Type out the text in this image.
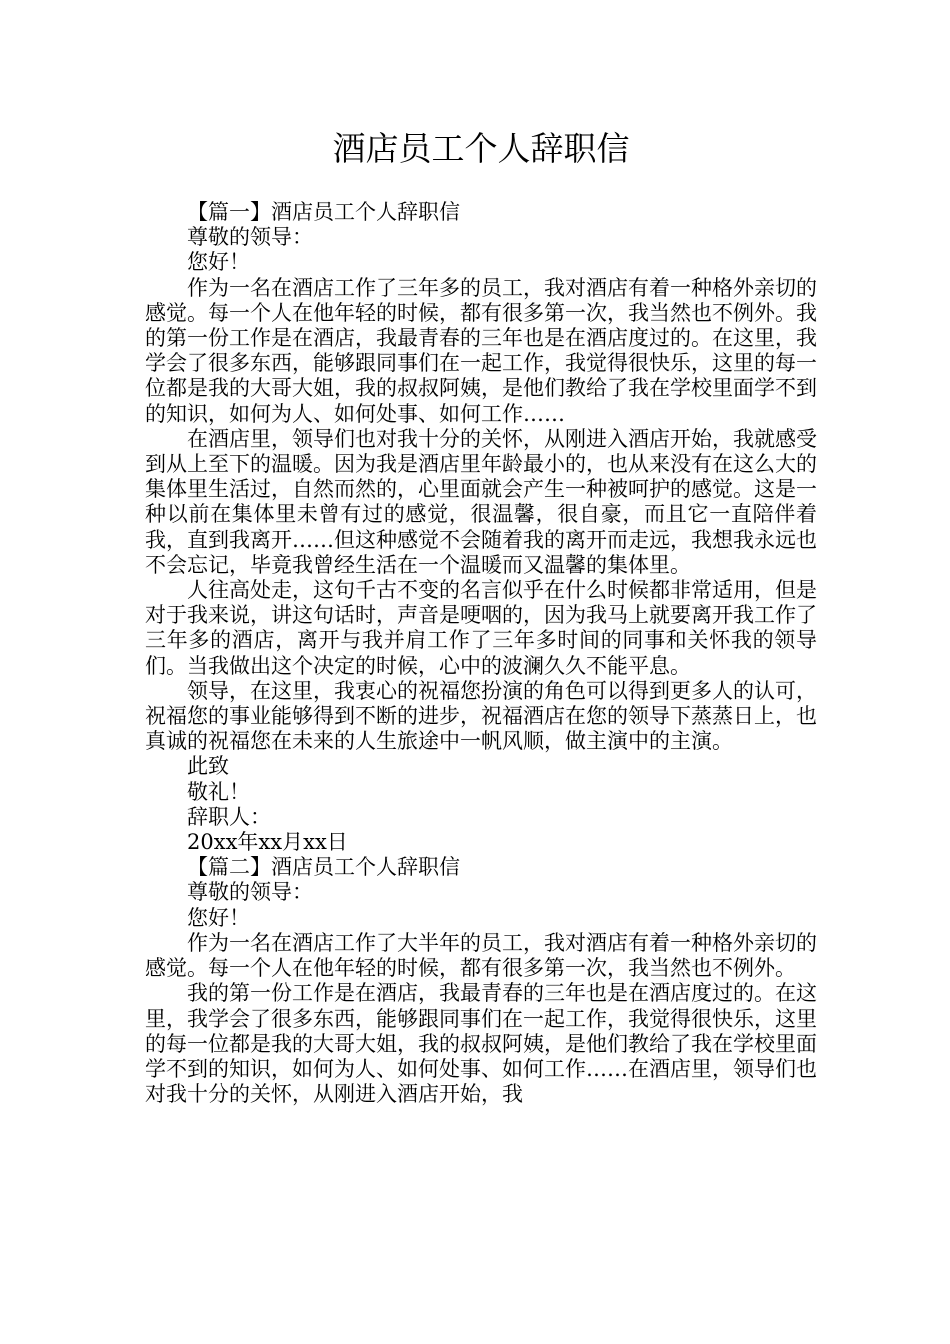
酒店员工个人辞职信

【篇一】酒店员工个人辞职信

尊敬的领导：

您好！

作为一名在酒店工作了三年多的员工，我对酒店有着一种格外亲切的感觉。每一个人在他年轻的时候，都有很多第一次，我当然也不例外。我的第一份工作是在酒店，我最青春的三年也是在酒店度过的。在这里，我学会了很多东西，能够跟同事们在一起工作，我觉得很快乐，这里的每一位都是我的大哥大姐，我的叔叔阿姨，是他们教给了我在学校里面学不到的知识，如何为人、如何处事、如何工作……

在酒店里，领导们也对我十分的关怀，从刚进入酒店开始，我就感受到从上至下的温暖。因为我是酒店里年龄最小的，也从来没有在这么大的集体里生活过，自然而然的，心里面就会产生一种被呵护的感觉。这是一种以前在集体里未曾有过的感觉，很温馨，很自豪，而且它一直陪伴着我，直到我离开……但这种感觉不会随着我的离开而走远，我想我永远也不会忘记，毕竟我曾经生活在一个温暖而又温馨的集体里。

人往高处走，这句千古不变的名言似乎在什么时候都非常适用，但是对于我来说，讲这句话时，声音是哽咽的，因为我马上就要离开我工作了三年多的酒店，离开与我并肩工作了三年多时间的同事和关怀我的领导们。当我做出这个决定的时候，心中的波澜久久不能平息。

领导，在这里，我衷心的祝福您扮演的角色可以得到更多人的认可，祝福您的事业能够得到不断的进步，祝福酒店在您的领导下蒸蒸日上，也真诚的祝福您在未来的人生旅途中一帆风顺，做主演中的主演。

此致

敬礼！

辞职人：

20xx年xx月xx日

【篇二】酒店员工个人辞职信

尊敬的领导：

您好！

作为一名在酒店工作了大半年的员工，我对酒店有着一种格外亲切的感觉。每一个人在他年轻的时候，都有很多第一次，我当然也不例外。

我的第一份工作是在酒店，我最青春的三年也是在酒店度过的。在这里，我学会了很多东西，能够跟同事们在一起工作，我觉得很快乐，这里的每一位都是我的大哥大姐，我的叔叔阿姨，是他们教给了我在学校里面学不到的知识，如何为人、如何处事、如何工作……在酒店里，领导们也对我十分的关怀，从刚进入酒店开始，我
